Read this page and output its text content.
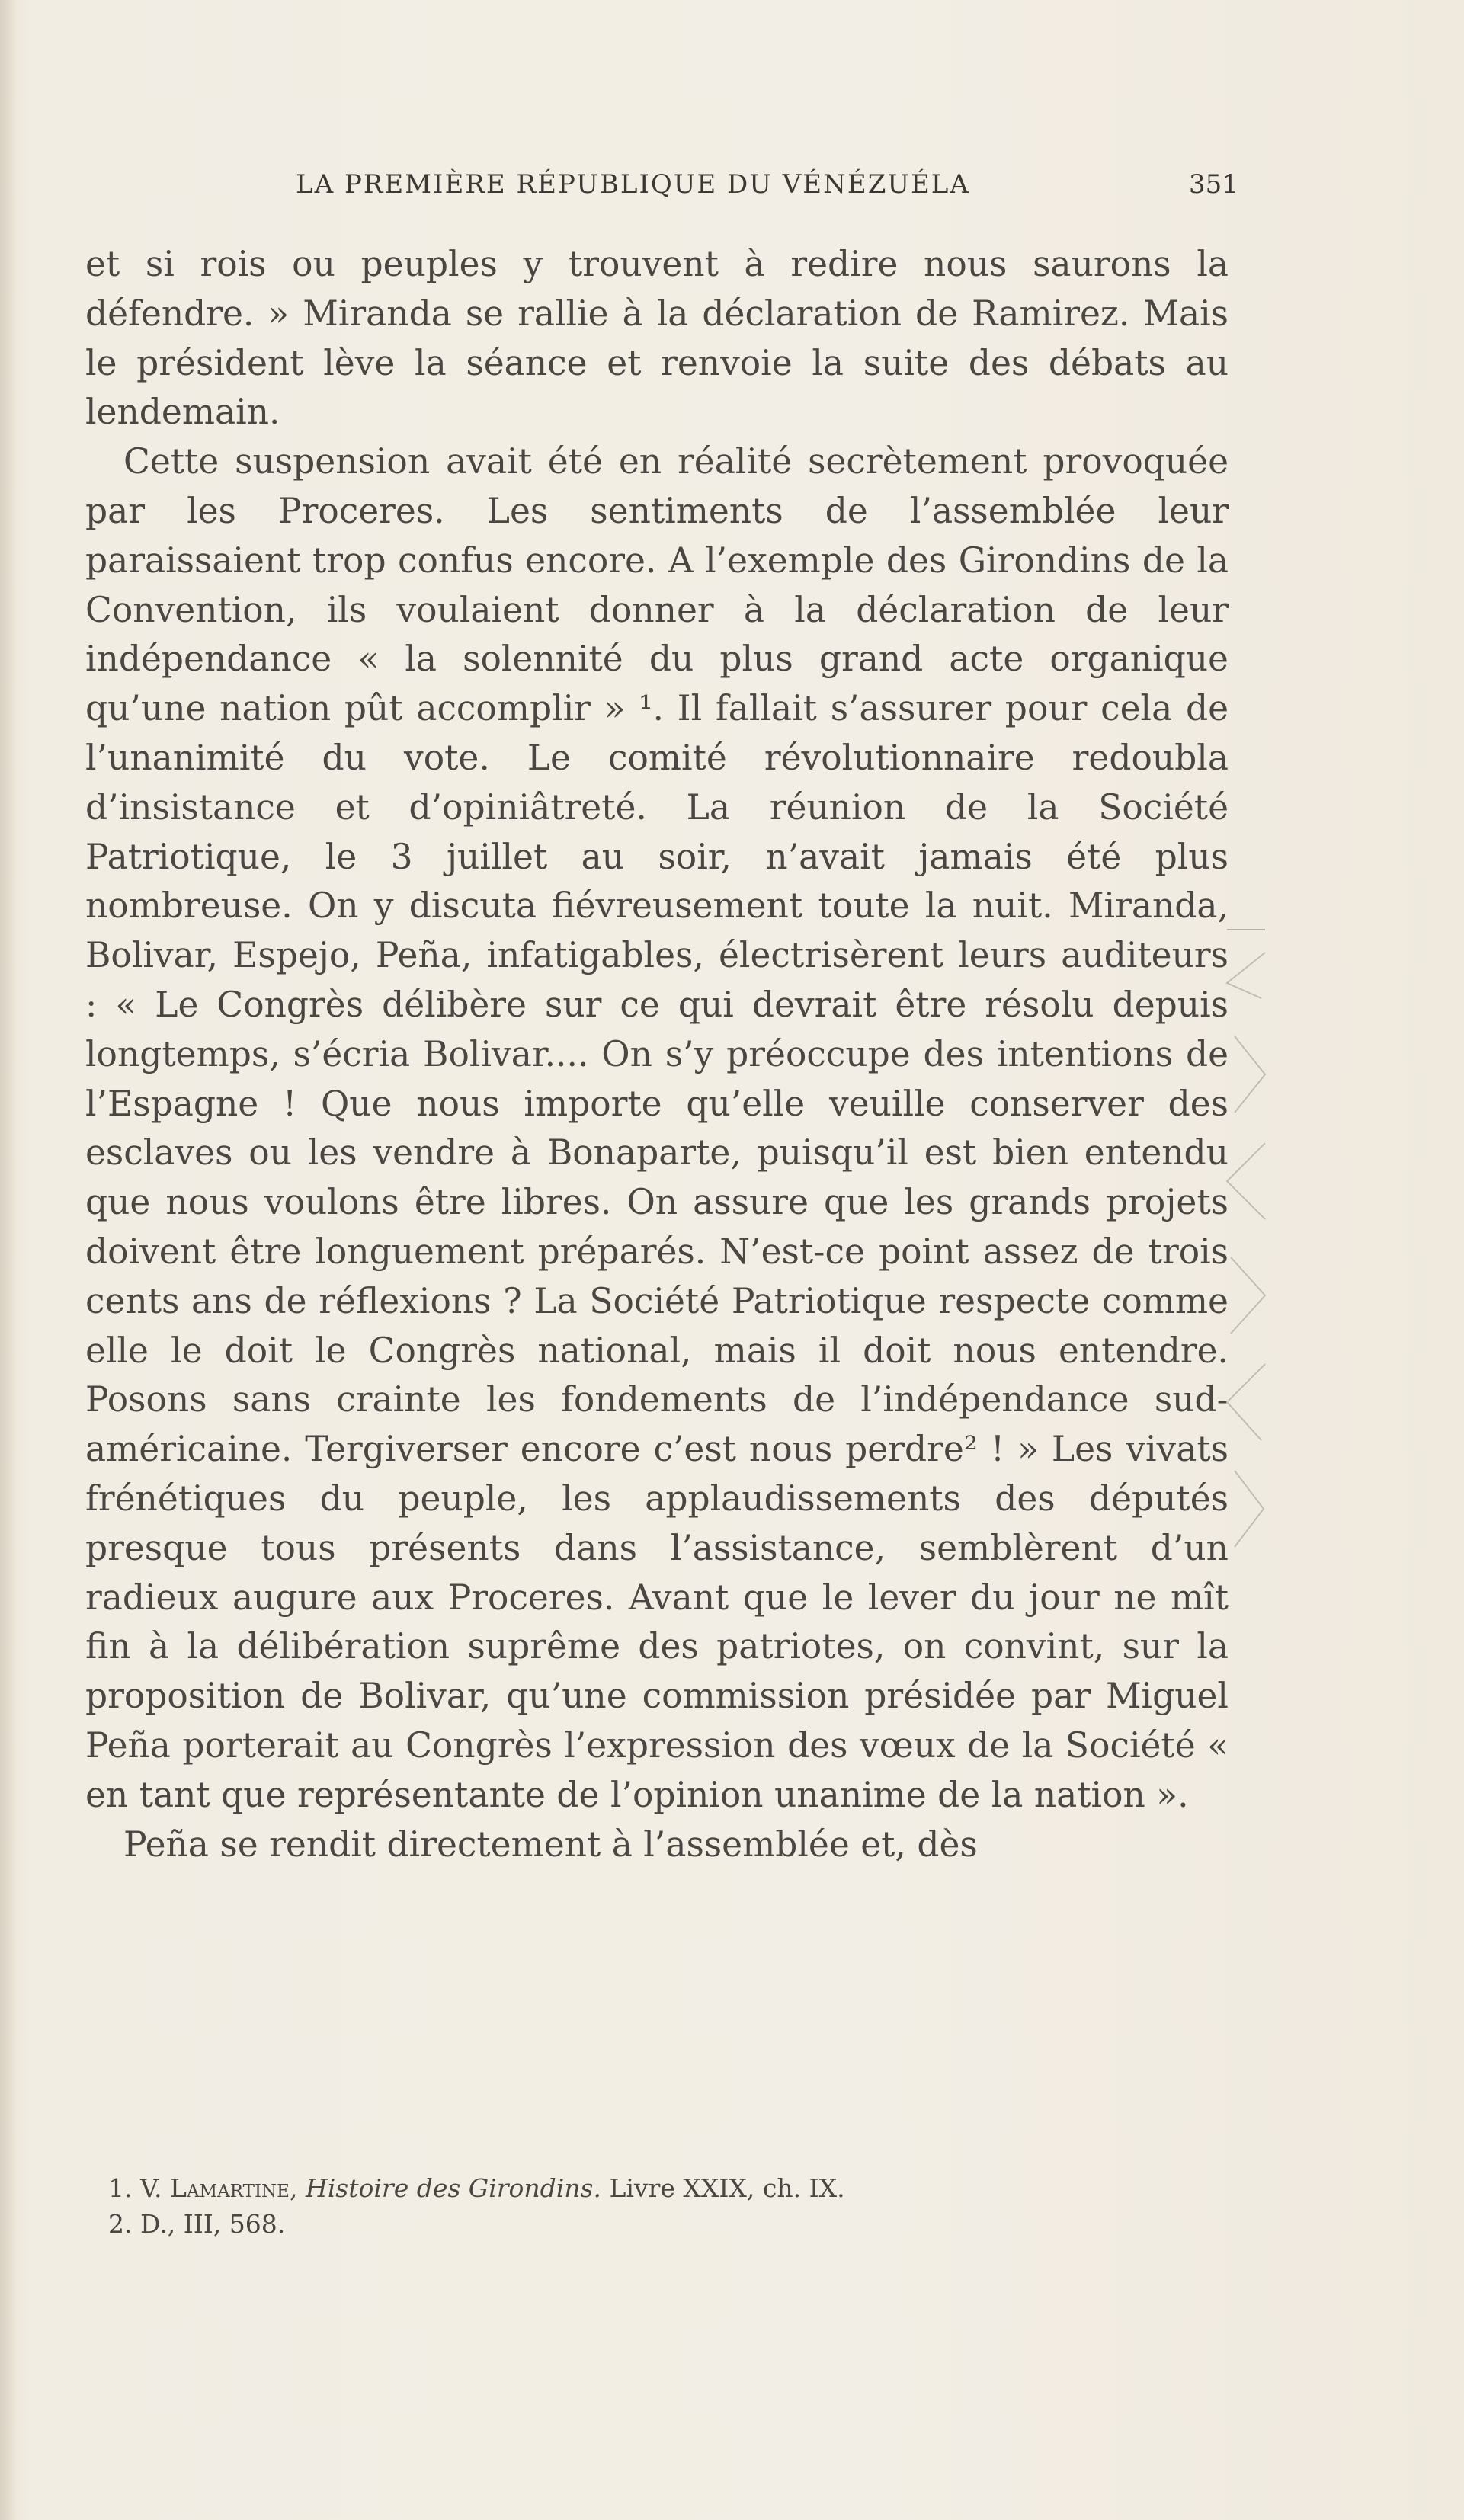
LA PREMIÈRE RÉPUBLIQUE DU VÉNÉZUÉLA	351

et si rois ou peuples y trouvent à redire nous saurons la défendre. » Miranda se rallie à la déclaration de Ramirez. Mais le président lève la séance et renvoie la suite des débats au lendemain.

Cette suspension avait été en réalité secrètement provoquée par les Proceres. Les sentiments de l’assemblée leur paraissaient trop confus encore. A l’exemple des Girondins de la Convention, ils voulaient donner à la déclaration de leur indépendance « la solennité du plus grand acte organique qu’une nation pût accomplir » ¹. Il fallait s’assurer pour cela de l’unanimité du vote. Le comité révolutionnaire redoubla d’insistance et d’opiniâtreté. La réunion de la Société Patriotique, le 3 juillet au soir, n’avait jamais été plus nombreuse. On y discuta fiévreusement toute la nuit. Miranda, Bolivar, Espejo, Peña, infatigables, électrisèrent leurs auditeurs : « Le Congrès délibère sur ce qui devrait être résolu depuis longtemps, s’écria Bolivar.... On s’y préoccupe des intentions de l’Espagne ! Que nous importe qu’elle veuille conserver des esclaves ou les vendre à Bonaparte, puisqu’il est bien entendu que nous voulons être libres. On assure que les grands projets doivent être longuement préparés. N’est-ce point assez de trois cents ans de réflexions ? La Société Patriotique respecte comme elle le doit le Congrès national, mais il doit nous entendre. Posons sans crainte les fondements de l’indépendance sud-américaine. Tergiverser encore c’est nous perdre² ! » Les vivats frénétiques du peuple, les applaudissements des députés presque tous présents dans l’assistance, semblèrent d’un radieux augure aux Proceres. Avant que le lever du jour ne mît fin à la délibération suprême des patriotes, on convint, sur la proposition de Bolivar, qu’une commission présidée par Miguel Peña porterait au Congrès l’expression des vœux de la Société « en tant que représentante de l’opinion unanime de la nation ».

Peña se rendit directement à l’assemblée et, dès

1. V. Lamartine, Histoire des Girondins. Livre XXIX, ch. IX.
2. D., III, 568.
